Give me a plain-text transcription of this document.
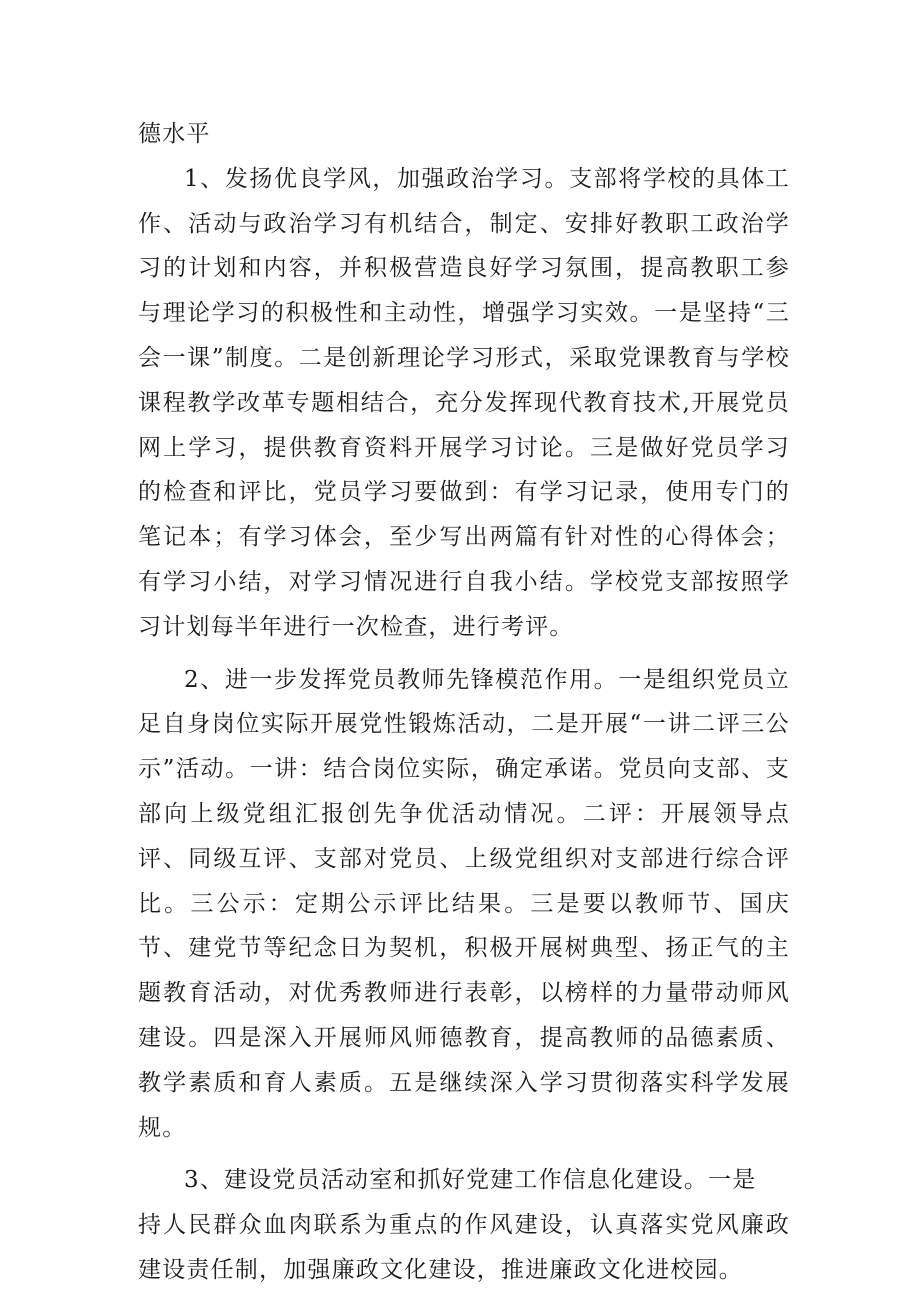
德水平

1、发扬优良学风，加强政治学习。支部将学校的具体工作、活动与政治学习有机结合，制定、安排好教职工政治学习的计划和内容，并积极营造良好学习氛围，提高教职工参与理论学习的积极性和主动性，增强学习实效。一是坚持“三会一课”制度。二是创新理论学习形式，采取党课教育与学校课程教学改革专题相结合，充分发挥现代教育技术,开展党员网上学习，提供教育资料开展学习讨论。三是做好党员学习的检查和评比，党员学习要做到：有学习记录，使用专门的笔记本；有学习体会，至少写出两篇有针对性的心得体会；有学习小结，对学习情况进行自我小结。学校党支部按照学习计划每半年进行一次检查，进行考评。

2、进一步发挥党员教师先锋模范作用。一是组织党员立足自身岗位实际开展党性锻炼活动，二是开展“一讲二评三公示”活动。一讲：结合岗位实际，确定承诺。党员向支部、支部向上级党组汇报创先争优活动情况。二评：开展领导点评、同级互评、支部对党员、上级党组织对支部进行综合评比。三公示：定期公示评比结果。三是要以教师节、国庆节、建党节等纪念日为契机，积极开展树典型、扬正气的主题教育活动，对优秀教师进行表彰，以榜样的力量带动师风建设。四是深入开展师风师德教育，提高教师的品德素质、教学素质和育人素质。五是继续深入学习贯彻落实科学发展规。

3、建设党员活动室和抓好党建工作信息化建设。一是

持人民群众血肉联系为重点的作风建设，认真落实党风廉政建设责任制，加强廉政文化建设，推进廉政文化进校园。
